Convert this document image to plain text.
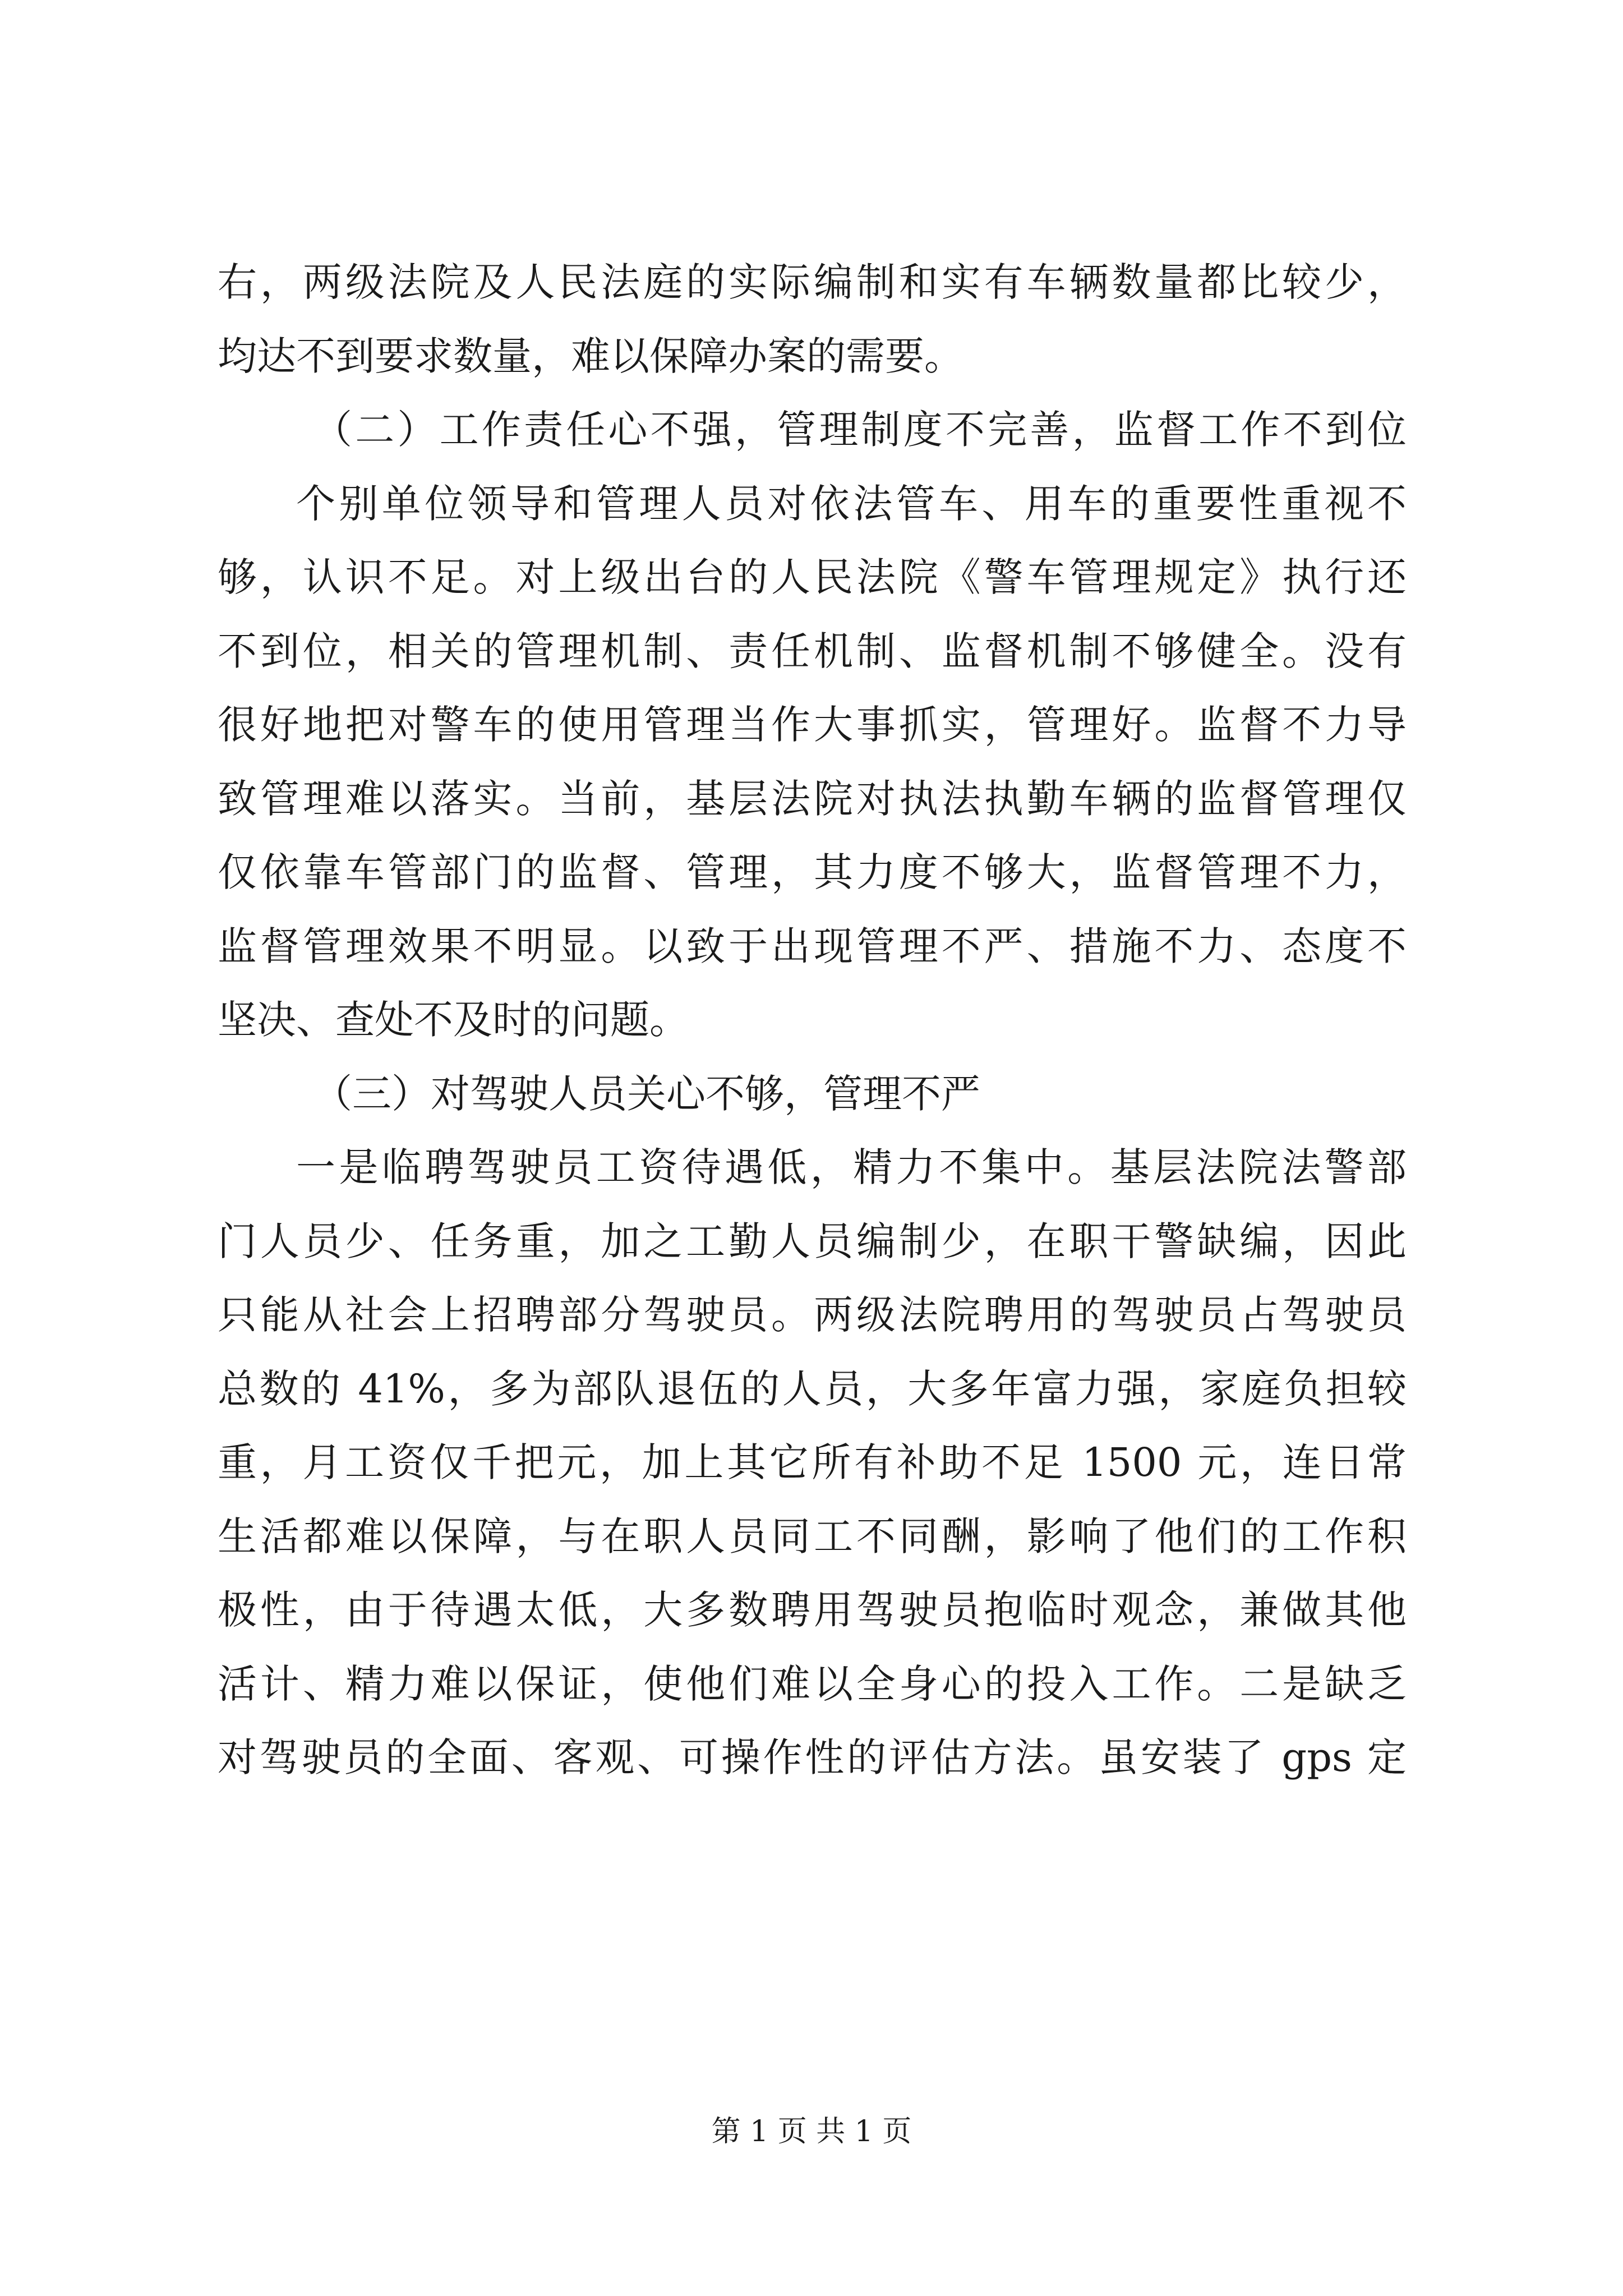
右，两级法院及人民法庭的实际编制和实有车辆数量都比较少，
均达不到要求数量，难以保障办案的需要。
（二）工作责任心不强，管理制度不完善，监督工作不到位
个别单位领导和管理人员对依法管车、用车的重要性重视不
够，认识不足。对上级出台的人民法院《警车管理规定》执行还
不到位，相关的管理机制、责任机制、监督机制不够健全。没有
很好地把对警车的使用管理当作大事抓实，管理好。监督不力导
致管理难以落实。当前，基层法院对执法执勤车辆的监督管理仅
仅依靠车管部门的监督、管理，其力度不够大，监督管理不力，
监督管理效果不明显。以致于出现管理不严、措施不力、态度不
坚决、查处不及时的问题。
（三）对驾驶人员关心不够，管理不严
一是临聘驾驶员工资待遇低，精力不集中。基层法院法警部
门人员少、任务重，加之工勤人员编制少，在职干警缺编，因此
只能从社会上招聘部分驾驶员。两级法院聘用的驾驶员占驾驶员
总数的 41%，多为部队退伍的人员，大多年富力强，家庭负担较
重，月工资仅千把元，加上其它所有补助不足 1500 元，连日常
生活都难以保障，与在职人员同工不同酬，影响了他们的工作积
极性，由于待遇太低，大多数聘用驾驶员抱临时观念，兼做其他
活计、精力难以保证，使他们难以全身心的投入工作。二是缺乏
对驾驶员的全面、客观、可操作性的评估方法。虽安装了 gps 定
第 1 页 共 1 页
